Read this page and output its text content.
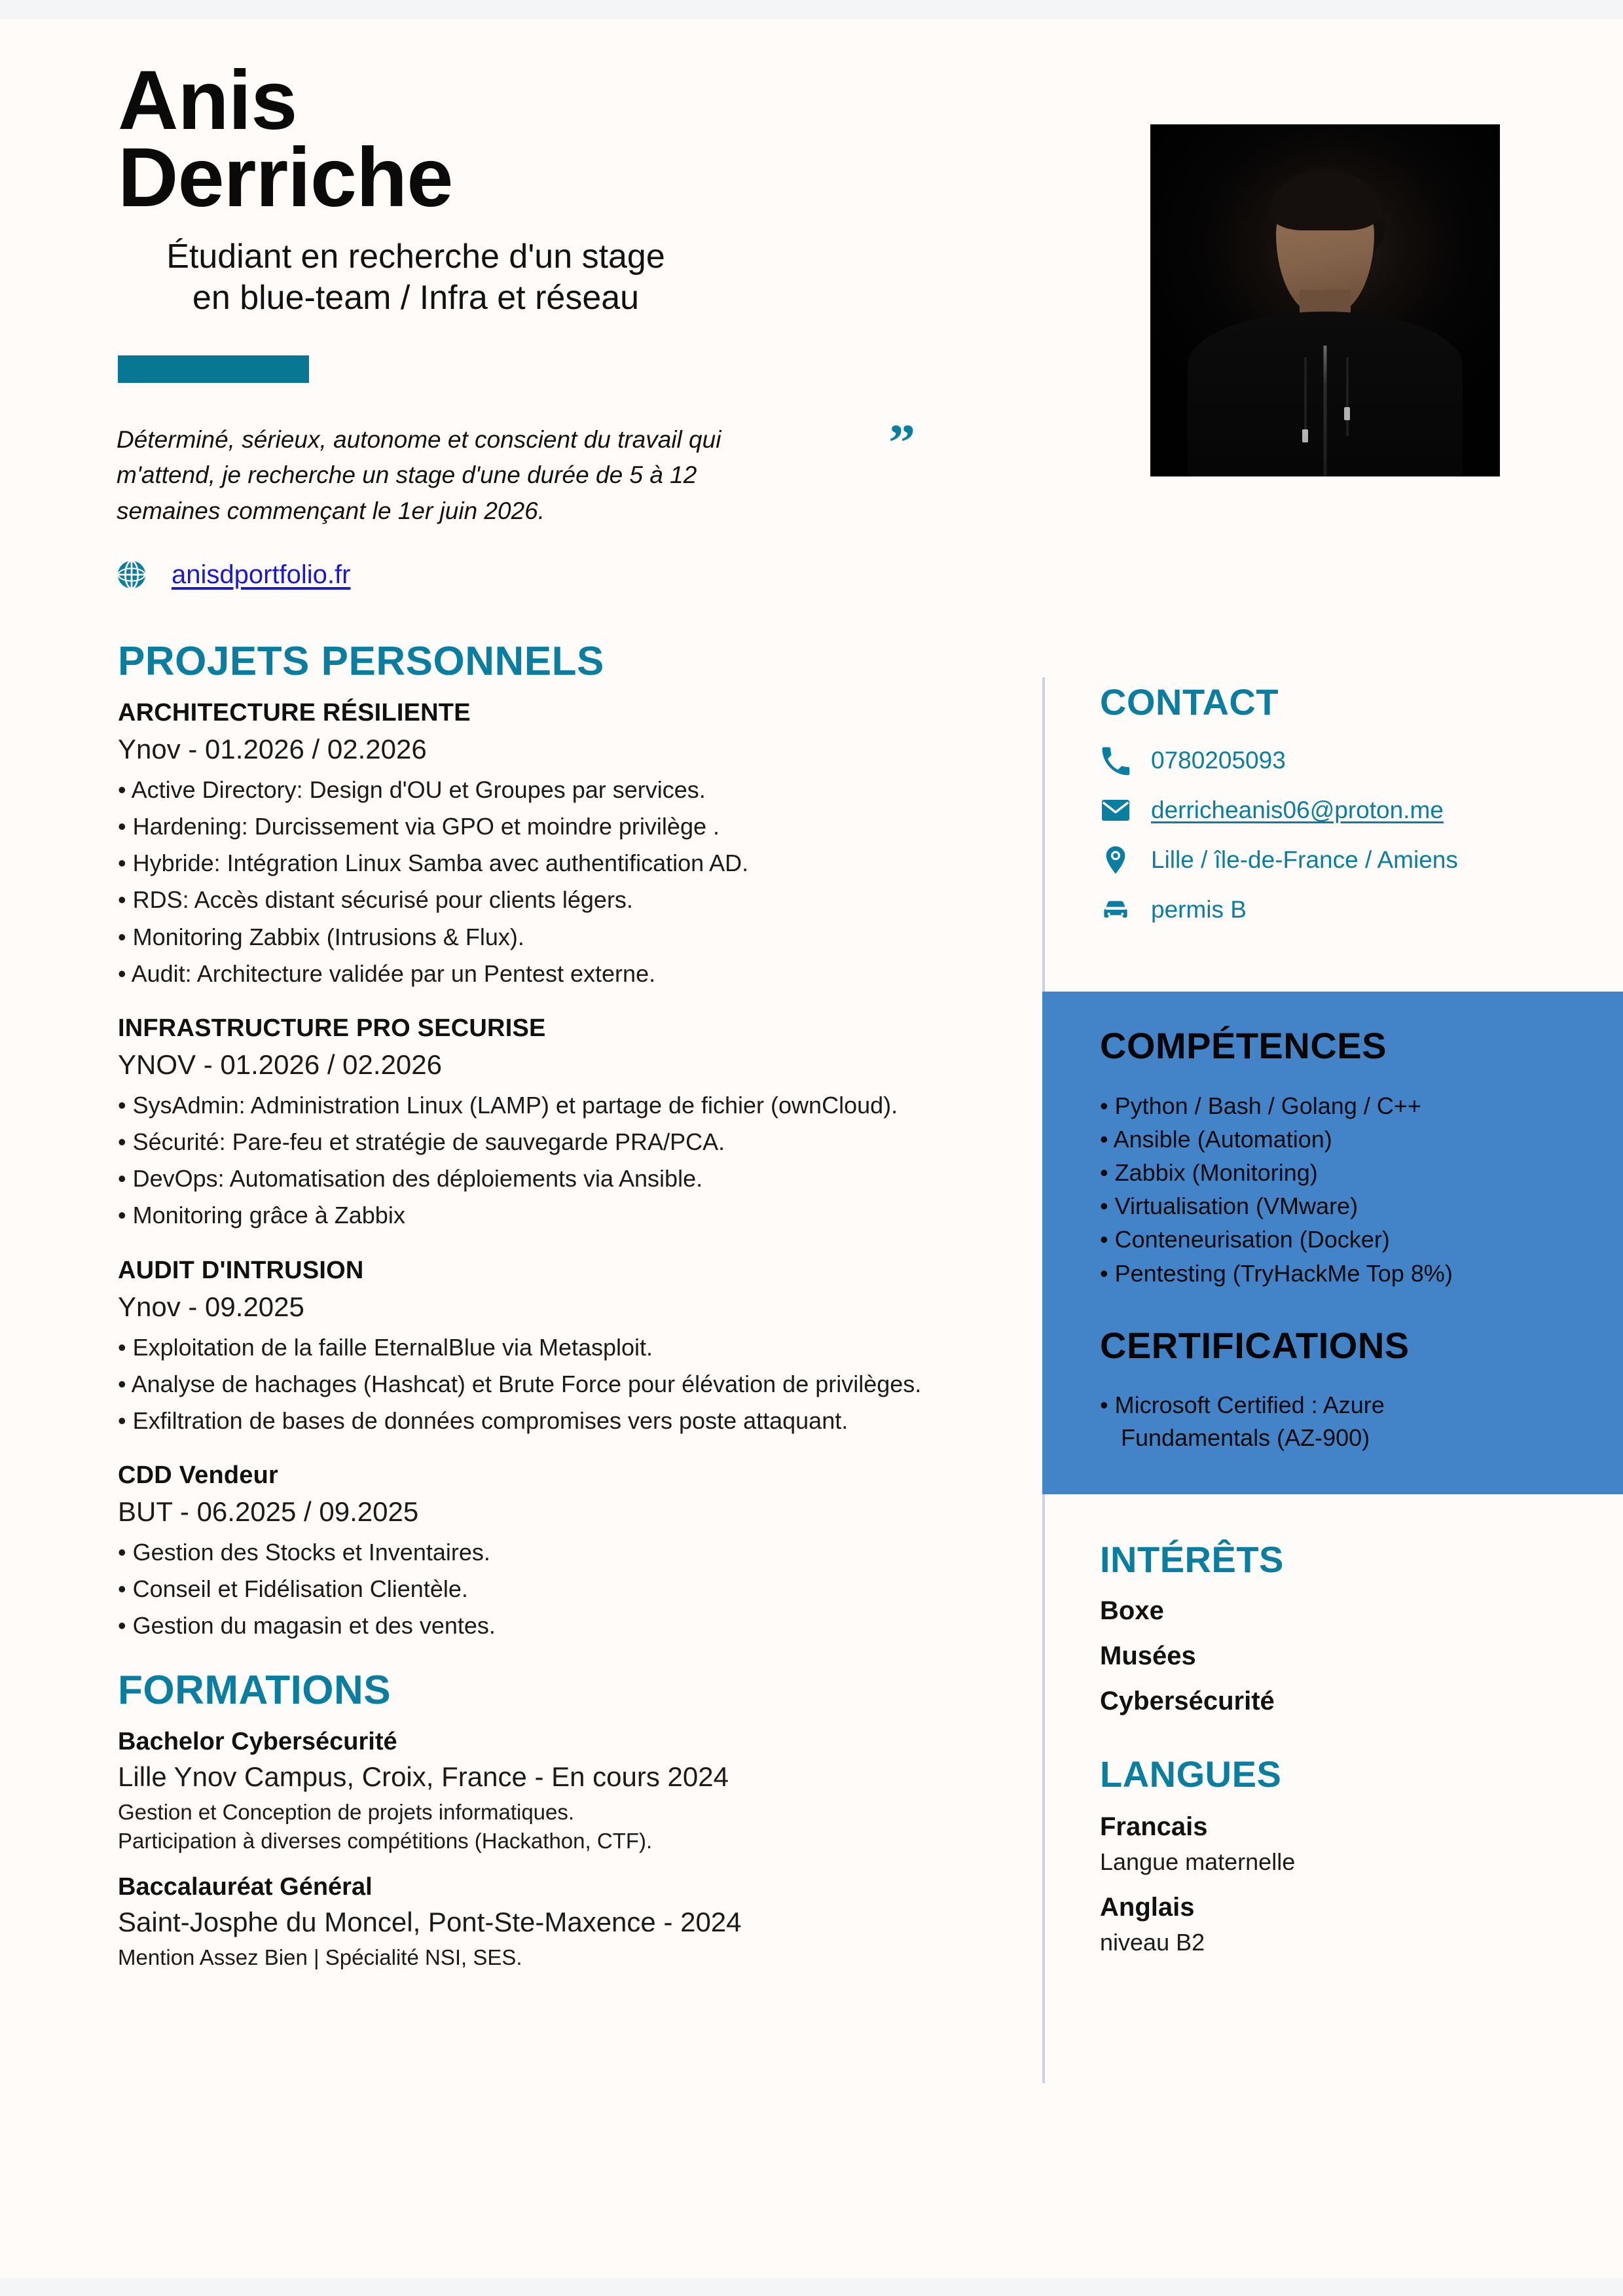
Anis
Derriche
Étudiant en recherche d'un stage
en blue-team / Infra et réseau
Déterminé, sérieux, autonome et conscient du travail qui m'attend, je recherche un stage d'une durée de 5 à 12 semaines commençant le 1er juin 2026.
”
anisdportfolio.fr
PROJETS PERSONNELS
ARCHITECTURE RÉSILIENTE
Ynov - 01.2026 / 02.2026
• Active Directory: Design d'OU et Groupes par services.
• Hardening: Durcissement via GPO et moindre privilège .
• Hybride: Intégration Linux Samba avec authentification AD.
• RDS: Accès distant sécurisé pour clients légers.
• Monitoring Zabbix (Intrusions & Flux).
• Audit: Architecture validée par un Pentest externe.
INFRASTRUCTURE PRO SECURISE
YNOV - 01.2026 / 02.2026
• SysAdmin: Administration Linux (LAMP) et partage de fichier (ownCloud).
• Sécurité: Pare-feu et stratégie de sauvegarde PRA/PCA.
• DevOps: Automatisation des déploiements via Ansible.
• Monitoring grâce à Zabbix
AUDIT D'INTRUSION
Ynov - 09.2025
• Exploitation de la faille EternalBlue via Metasploit.
• Analyse de hachages (Hashcat) et Brute Force pour élévation de privilèges.
• Exfiltration de bases de données compromises vers poste attaquant.
CDD Vendeur
BUT - 06.2025 / 09.2025
• Gestion des Stocks et Inventaires.
• Conseil et Fidélisation Clientèle.
• Gestion du magasin et des ventes.
FORMATIONS
Bachelor Cybersécurité
Lille Ynov Campus, Croix, France - En cours 2024
Gestion et Conception de projets informatiques.
Participation à diverses compétitions (Hackathon, CTF).
Baccalauréat Général
Saint-Josphe du Moncel, Pont-Ste-Maxence - 2024
Mention Assez Bien | Spécialité NSI, SES.
CONTACT
0780205093
derricheanis06@proton.me
Lille / île-de-France / Amiens
permis B
COMPÉTENCES
• Python / Bash / Golang / C++
• Ansible (Automation)
• Zabbix (Monitoring)
• Virtualisation (VMware)
• Conteneurisation (Docker)
• Pentesting (TryHackMe Top 8%)
CERTIFICATIONS
• Microsoft Certified : Azure
Fundamentals (AZ-900)
INTÉRÊTS
Boxe
Musées
Cybersécurité
LANGUES
Francais
Langue maternelle
Anglais
niveau B2
